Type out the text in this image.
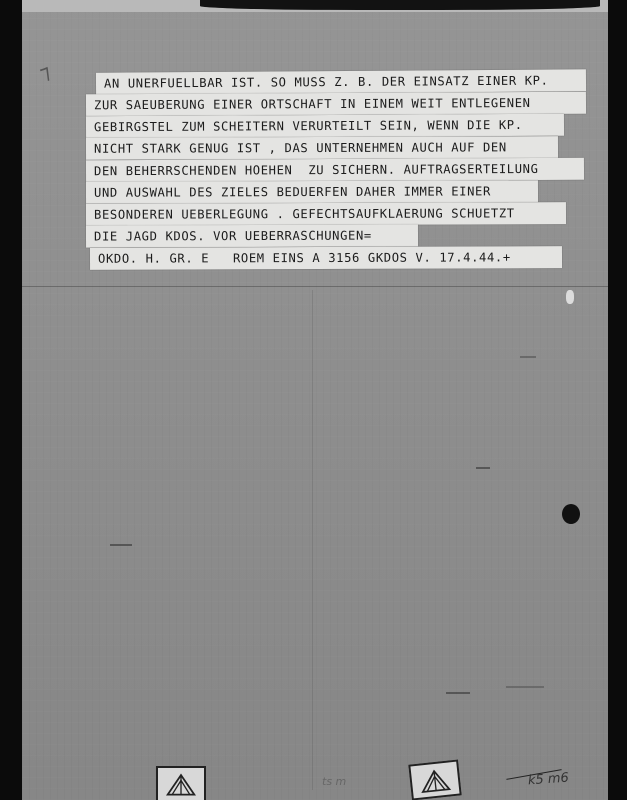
⁊	AN UNERFUELLBAR IST. SO MUSS Z. B. DER EINSATZ EINER KP.
ZUR SAEUBERUNG EINER ORTSCHAFT IN EINEM WEIT ENTLEGENEN
GEBIRGSTEL ZUM SCHEITERN VERURTEILT SEIN, WENN DIE KP.
NICHT STARK GENUG IST , DAS UNTERNEHMEN AUCH AUF DEN
DEN BEHERRSCHENDEN HOEHEN  ZU SICHERN. AUFTRAGSERTEILUNG
UND AUSWAHL DES ZIELES BEDUERFEN DAHER IMMER EINER
BESONDEREN UEBERLEGUNG . GEFECHTSAUFKLAERUNG SCHUETZT
DIE JAGD KDOS. VOR UEBERRASCHUNGEN=
OKDO. H. GR. E   ROEM EINS A 3156 GKDOS V. 17.4.44.+
ts m	k5 m6
